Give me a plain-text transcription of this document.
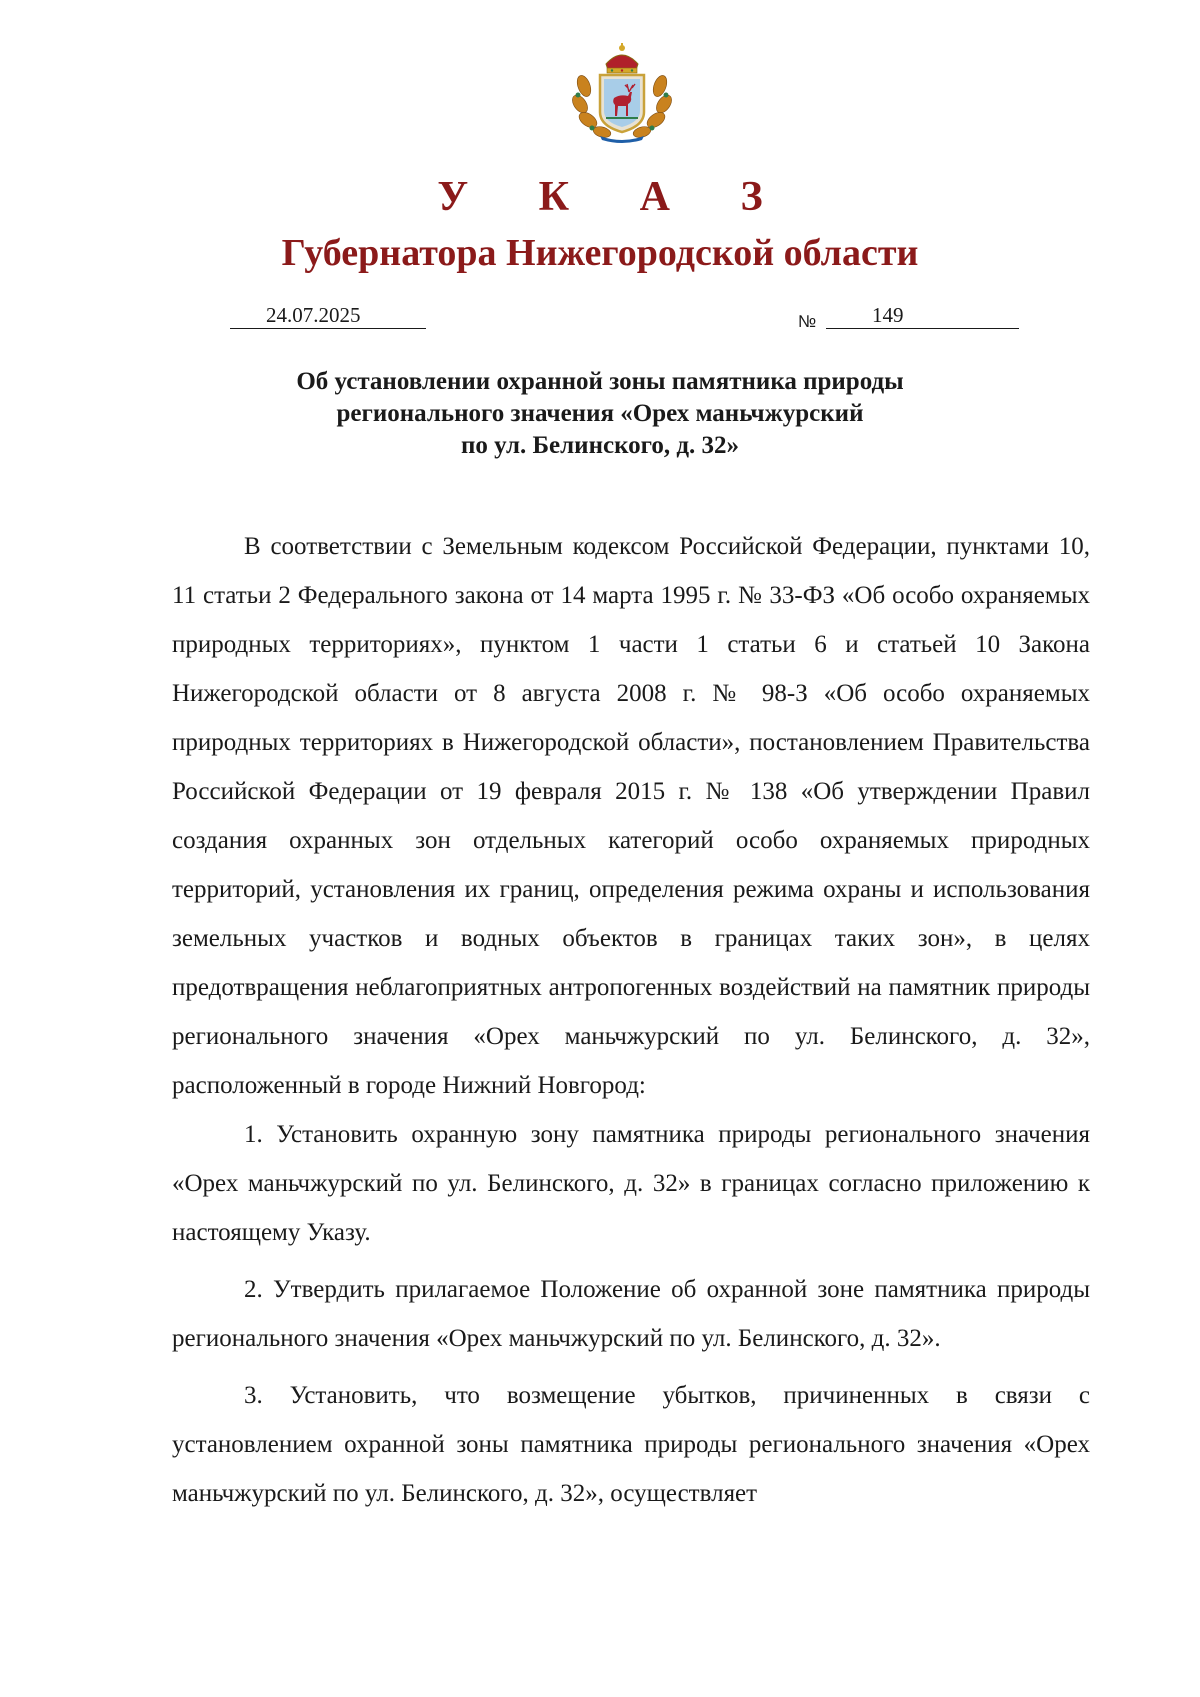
У К А З
Губернатора Нижегородской области
24.07.2025	№	149
Об установлении охранной зоны памятника природы
регионального значения «Орех маньчжурский
по ул. Белинского, д. 32»

В соответствии с Земельным кодексом Российской Федерации, пунктами 10, 11 статьи 2 Федерального закона от 14 марта 1995 г. № 33-ФЗ «Об особо охраняемых природных территориях», пунктом 1 части 1 статьи 6 и статьей 10 Закона Нижегородской области от 8 августа 2008 г. № 98-З «Об особо охраняемых природных территориях в Нижегородской области», постановлением Правительства Российской Федерации от 19 февраля 2015 г. № 138 «Об утверждении Правил создания охранных зон отдельных категорий особо охраняемых природных территорий, установления их границ, определения режима охраны и использования земельных участков и водных объектов в границах таких зон», в целях предотвращения неблагоприятных антропогенных воздействий на памятник природы регионального значения «Орех маньчжурский по ул. Белинского, д. 32», расположенный в городе Нижний Новгород:

1. Установить охранную зону памятника природы регионального значения «Орех маньчжурский по ул. Белинского, д. 32» в границах согласно приложению к настоящему Указу.

2. Утвердить прилагаемое Положение об охранной зоне памятника природы регионального значения «Орех маньчжурский по ул. Белинского, д. 32».

3. Установить, что возмещение убытков, причиненных в связи с установлением охранной зоны памятника природы регионального значения «Орех маньчжурский по ул. Белинского, д. 32», осуществляет
